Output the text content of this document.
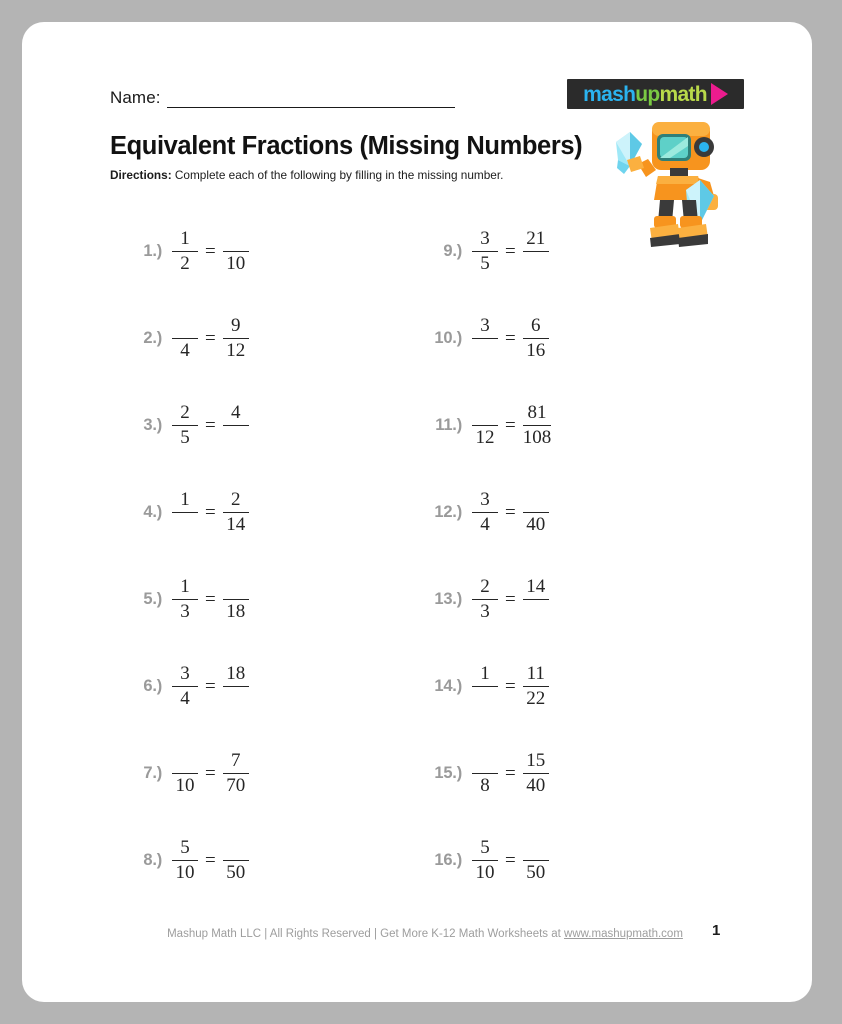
Name:
Equivalent Fractions (Missing Numbers)
Directions: Complete each of the following by filling in the missing number.
mash up math
$1.) \frac{1}{2}$ =

10
2.)

4
= $\frac{9}{12}$
$3.) \frac{2}{5}$ =
4

4.)
1

= $\frac{2}{14}$
$5.) \frac{1}{3}$ =

18
$6.) \frac{3}{4}$ =
18

7.)

10
= $\frac{7}{70}$
$8.) \frac{5}{10}$ =

50
$9.) \frac{3}{5}$ =
21

10.)
3

= $\frac{6}{16}$
11.)

12
= $\frac{81}{108}$
$12.) \frac{3}{4}$ =

40
$13.) \frac{2}{3}$ =
14

14.)
1

= $\frac{11}{22}$
15.)

8
= $\frac{15}{40}$
$16.) \frac{5}{10}$ =

50
Mashup Math LLC | All Rights Reserved | Get More K-12 Math Worksheets at www.mashupmath.com	1
